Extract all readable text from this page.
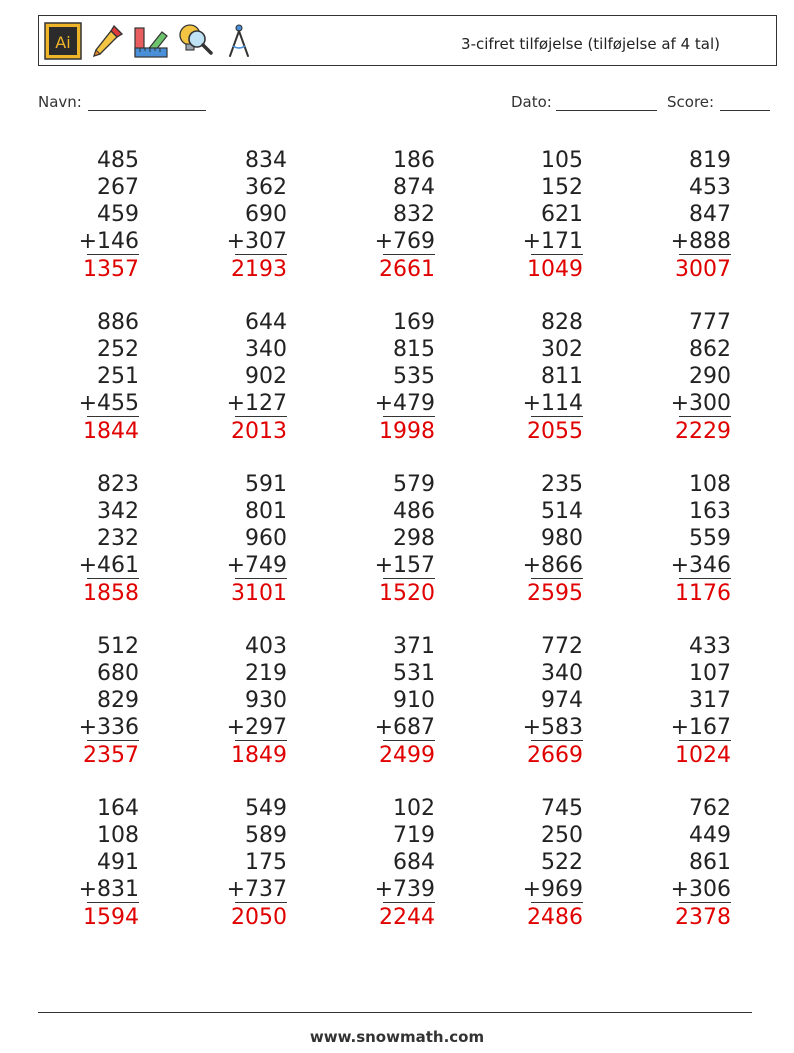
Ai	3-cifret tilføjelse (tilføjelse af 4 tal)
Navn:	Dato:	Score:
485
267
459
+146
1357
834
362
690
+307
2193
186
874
832
+769
2661
105
152
621
+171
1049
819
453
847
+888
3007
886
252
251
+455
1844
644
340
902
+127
2013
169
815
535
+479
1998
828
302
811
+114
2055
777
862
290
+300
2229
823
342
232
+461
1858
591
801
960
+749
3101
579
486
298
+157
1520
235
514
980
+866
2595
108
163
559
+346
1176
512
680
829
+336
2357
403
219
930
+297
1849
371
531
910
+687
2499
772
340
974
+583
2669
433
107
317
+167
1024
164
108
491
+831
1594
549
589
175
+737
2050
102
719
684
+739
2244
745
250
522
+969
2486
762
449
861
+306
2378
www.snowmath.com
